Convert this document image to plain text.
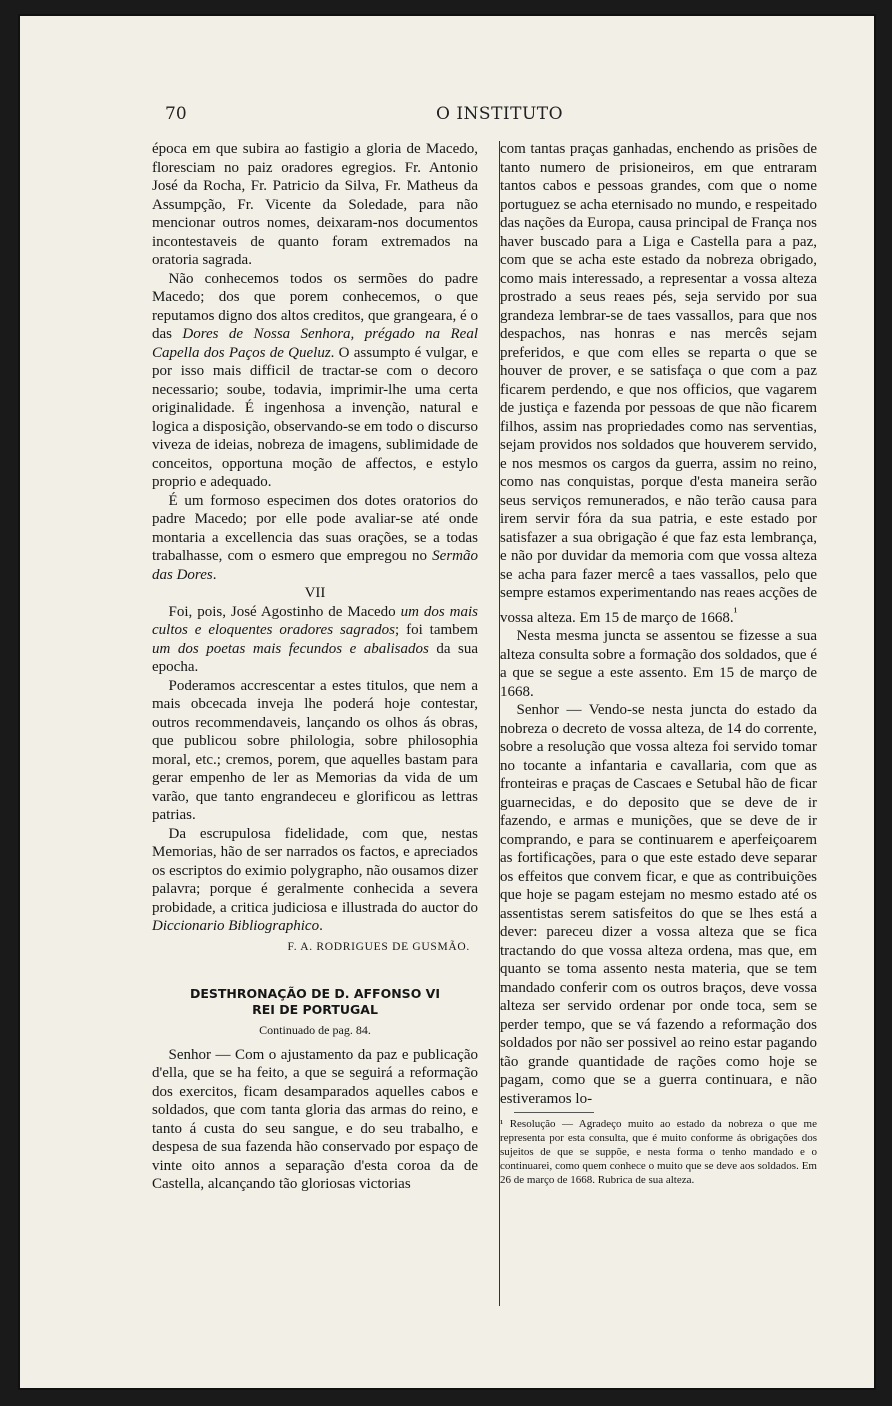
70	O INSTITUTO

época em que subira ao fastigio a gloria de Macedo, floresciam no paiz oradores egregios. Fr. Antonio José da Rocha, Fr. Patricio da Silva, Fr. Matheus da Assumpção, Fr. Vicente da Soledade, para não mencionar outros nomes, deixaram-nos documentos incontestaveis de quanto foram extremados na oratoria sagrada.

Não conhecemos todos os sermões do padre Macedo; dos que porem conhecemos, o que reputamos digno dos altos creditos, que grangeara, é o das Dores de Nossa Senhora, prégado na Real Capella dos Paços de Queluz. O assumpto é vulgar, e por isso mais difficil de tractar-se com o decoro necessario; soube, todavia, imprimir-lhe uma certa originalidade. É ingenhosa a invenção, natural e logica a disposição, observando-se em todo o discurso viveza de ideias, nobreza de imagens, sublimidade de conceitos, opportuna moção de affectos, e estylo proprio e adequado.

É um formoso especimen dos dotes oratorios do padre Macedo; por elle pode avaliar-se até onde montaria a excellencia das suas orações, se a todas trabalhasse, com o esmero que empregou no Sermão das Dores.

VII

Foi, pois, José Agostinho de Macedo um dos mais cultos e eloquentes oradores sagrados; foi tambem um dos poetas mais fecundos e abalisados da sua epocha.

Poderamos accrescentar a estes titulos, que nem a mais obcecada inveja lhe poderá hoje contestar, outros recommendaveis, lançando os olhos ás obras, que publicou sobre philologia, sobre philosophia moral, etc.; cremos, porem, que aquelles bastam para gerar empenho de ler as Memorias da vida de um varão, que tanto engrandeceu e glorificou as lettras patrias.

Da escrupulosa fidelidade, com que, nestas Memorias, hão de ser narrados os factos, e apreciados os escriptos do eximio polygrapho, não ousamos dizer palavra; porque é geralmente conhecida a severa probidade, a critica judiciosa e illustrada do auctor do Diccionario Bibliographico.

F. A. RODRIGUES DE GUSMÃO.

DESTHRONAÇÃO DE D. AFFONSO VI
REI DE PORTUGAL

Continuado de pag. 84.

Senhor — Com o ajustamento da paz e publicação d'ella, que se ha feito, a que se seguirá a reformação dos exercitos, ficam desamparados aquelles cabos e soldados, que com tanta gloria das armas do reino, e tanto á custa do seu sangue, e do seu trabalho, e despesa de sua fazenda hão conservado por espaço de vinte oito annos a separação d'esta coroa da de Castella, alcançando tão gloriosas victorias

com tantas praças ganhadas, enchendo as prisões de tanto numero de prisioneiros, em que entraram tantos cabos e pessoas grandes, com que o nome portuguez se acha eternisado no mundo, e respeitado das nações da Europa, causa principal de França nos haver buscado para a Liga e Castella para a paz, com que se acha este estado da nobreza obrigado, como mais interessado, a representar a vossa alteza prostrado a seus reaes pés, seja servido por sua grandeza lembrar-se de taes vassallos, para que nos despachos, nas honras e nas mercês sejam preferidos, e que com elles se reparta o que se houver de prover, e se satisfaça o que com a paz ficarem perdendo, e que nos officios, que vagarem de justiça e fazenda por pessoas de que não ficarem filhos, assim nas propriedades como nas serventias, sejam providos nos soldados que houverem servido, e nos mesmos os cargos da guerra, assim no reino, como nas conquistas, porque d'esta maneira serão seus serviços remunerados, e não terão causa para irem servir fóra da sua patria, e este estado por satisfazer a sua obrigação é que faz esta lembrança, e não por duvidar da memoria com que vossa alteza se acha para fazer mercê a taes vassallos, pelo que sempre estamos experimentando nas reaes acções de vossa alteza. Em 15 de março de 1668.$^{^1}$

Nesta mesma juncta se assentou se fizesse a sua alteza consulta sobre a formação dos soldados, que é a que se segue a este assento. Em 15 de março de 1668.

Senhor — Vendo-se nesta juncta do estado da nobreza o decreto de vossa alteza, de 14 do corrente, sobre a resolução que vossa alteza foi servido tomar no tocante a infantaria e cavallaria, com que as fronteiras e praças de Cascaes e Setubal hão de ficar guarnecidas, e do deposito que se deve de ir fazendo, e armas e munições, que se deve de ir comprando, e para se continuarem e aperfeiçoarem as fortificações, para o que este estado deve separar os effeitos que convem ficar, e que as contribuições que hoje se pagam estejam no mesmo estado até os assentistas serem satisfeitos do que se lhes está a dever: pareceu dizer a vossa alteza que se fica tractando do que vossa alteza ordena, mas que, em quanto se toma assento nesta materia, que se tem mandado conferir com os outros braços, deve vossa alteza ser servido ordenar por onde toca, sem se perder tempo, que se vá fazendo a reformação dos soldados por não ser possivel ao reino estar pagando tão grande quantidade de rações como hoje se pagam, como que se a guerra continuara, e não estiveramos lo-

¹ Resolução — Agradeço muito ao estado da nobreza o que me representa por esta consulta, que é muito conforme ás obrigações dos sujeitos de que se suppõe, e nesta forma o tenho mandado e o continuarei, como quem conhece o muito que se deve aos soldados. Em 26 de março de 1668. Rubrica de sua alteza.
